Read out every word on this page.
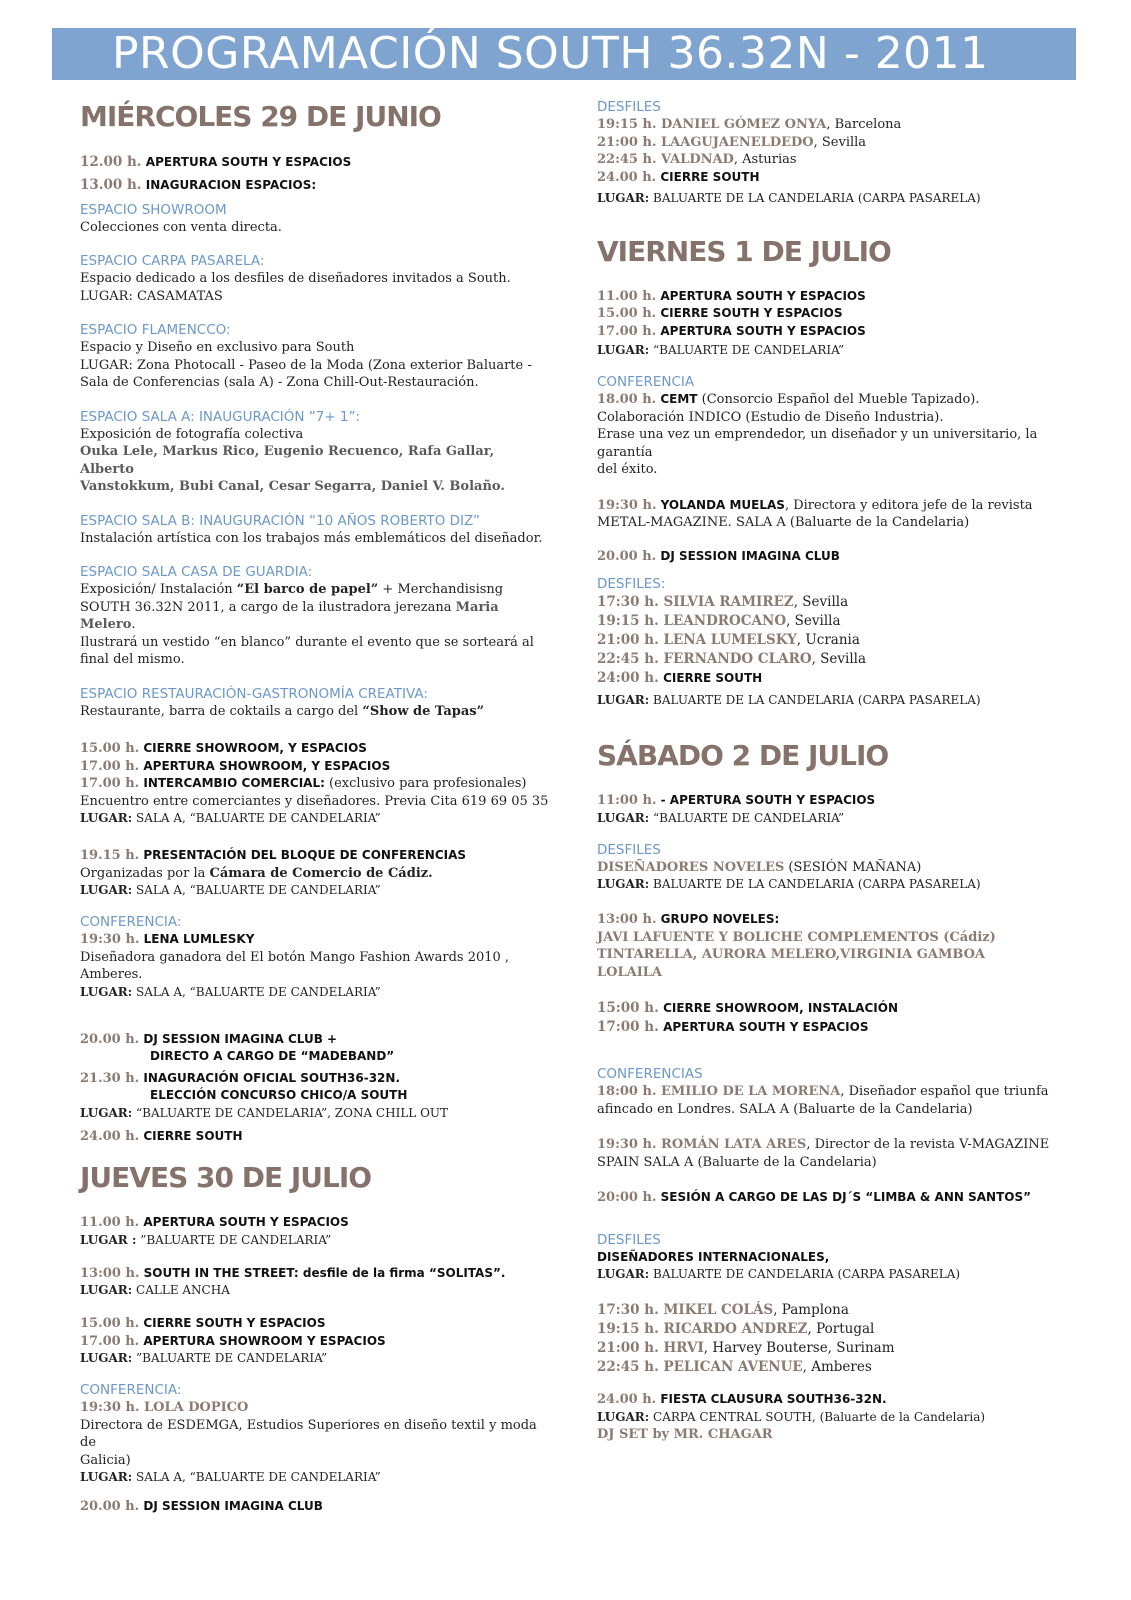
PROGRAMACIÓN SOUTH 36.32N - 2011
MIÉRCOLES 29 DE JUNIO
12.00 h. APERTURA SOUTH Y ESPACIOS
13.00 h. INAGURACION ESPACIOS:
ESPACIO SHOWROOM
Colecciones con venta directa.
ESPACIO CARPA PASARELA:
Espacio dedicado a los desfiles de diseñadores invitados a South.
LUGAR: CASAMATAS
ESPACIO FLAMENCCO:
Espacio y Diseño en exclusivo para South
LUGAR: Zona Photocall - Paseo de la Moda (Zona exterior Baluarte -
Sala de Conferencias (sala A) - Zona Chill-Out-Restauración.
ESPACIO SALA A: INAUGURACIÓN ”7+ 1”:
Exposición de fotografía colectiva
Ouka Lele, Markus Rico, Eugenio Recuenco, Rafa Gallar, Alberto
Vanstokkum, Bubi Canal, Cesar Segarra, Daniel V. Bolaño.
ESPACIO SALA B: INAUGURACIÓN “10 AÑOS ROBERTO DIZ”
Instalación artística con los trabajos más emblemáticos del diseñador.
ESPACIO SALA CASA DE GUARDIA:
Exposición/ Instalación “El barco de papel” + Merchandisisng
SOUTH 36.32N 2011, a cargo de la ilustradora jerezana Maria Melero.
Ilustrará un vestido “en blanco” durante el evento que se sorteará al
final del mismo.
ESPACIO RESTAURACIÓN-GASTRONOMÍA CREATIVA:
Restaurante, barra de coktails a cargo del “Show de Tapas”
15.00 h. CIERRE SHOWROOM, Y ESPACIOS
17.00 h. APERTURA SHOWROOM, Y ESPACIOS
17.00 h. INTERCAMBIO COMERCIAL: (exclusivo para profesionales)
Encuentro entre comerciantes y diseñadores. Previa Cita 619 69 05 35
LUGAR: SALA A, “BALUARTE DE CANDELARIA”
19.15 h. PRESENTACIÓN DEL BLOQUE DE CONFERENCIAS
Organizadas por la Cámara de Comercio de Cádiz.
LUGAR: SALA A, “BALUARTE DE CANDELARIA”
CONFERENCIA:
19:30 h. LENA LUMLESKY
Diseñadora ganadora del El botón Mango Fashion Awards 2010 ,
Amberes.
LUGAR: SALA A, “BALUARTE DE CANDELARIA”
20.00 h. DJ SESSION IMAGINA CLUB +
DIRECTO A CARGO DE “MADEBAND”
21.30 h. INAGURACIÓN OFICIAL SOUTH36-32N.
ELECCIÓN CONCURSO CHICO/A SOUTH
LUGAR: “BALUARTE DE CANDELARIA”, ZONA CHILL OUT
24.00 h. CIERRE SOUTH
JUEVES 30 DE JULIO
11.00 h. APERTURA SOUTH Y ESPACIOS
LUGAR : ”BALUARTE DE CANDELARIA”
13:00 h. SOUTH IN THE STREET: desfile de la firma “SOLITAS”.
LUGAR: CALLE ANCHA
15.00 h. CIERRE SOUTH Y ESPACIOS
17.00 h. APERTURA SHOWROOM Y ESPACIOS
LUGAR: ”BALUARTE DE CANDELARIA”
CONFERENCIA:
19:30 h. LOLA DOPICO
Directora de ESDEMGA, Estudios Superiores en diseño textil y moda de
Galicia)
LUGAR: SALA A, “BALUARTE DE CANDELARIA”
20.00 h. DJ SESSION IMAGINA CLUB
DESFILES
19:15 h. DANIEL GÓMEZ ONYA, Barcelona
21:00 h. LAAGUJAENELDEDO, Sevilla
22:45 h. VALDNAD, Asturias
24.00 h. CIERRE SOUTH
LUGAR: BALUARTE DE LA CANDELARIA (CARPA PASARELA)
VIERNES 1 DE JULIO
11.00 h. APERTURA SOUTH Y ESPACIOS
15.00 h. CIERRE SOUTH Y ESPACIOS
17.00 h. APERTURA SOUTH Y ESPACIOS
LUGAR: “BALUARTE DE CANDELARIA”
CONFERENCIA
18.00 h. CEMT (Consorcio Español del Mueble Tapizado).
Colaboración INDICO (Estudio de Diseño Industria).
Erase una vez un emprendedor, un diseñador y un universitario, la garantía
del éxito.
19:30 h. YOLANDA MUELAS, Directora y editora jefe de la revista
METAL-MAGAZINE. SALA A (Baluarte de la Candelaria)
20.00 h. DJ SESSION IMAGINA CLUB
DESFILES:
17:30 h. SILVIA RAMIREZ, Sevilla
19:15 h. LEANDROCANO, Sevilla
21:00 h. LENA LUMELSKY, Ucrania
22:45 h. FERNANDO CLARO, Sevilla
24:00 h. CIERRE SOUTH
LUGAR: BALUARTE DE LA CANDELARIA (CARPA PASARELA)
SÁBADO 2 DE JULIO
11:00 h. - APERTURA SOUTH Y ESPACIOS
LUGAR: “BALUARTE DE CANDELARIA”
DESFILES
DISEÑADORES NOVELES (SESIÓN MAÑANA)
LUGAR: BALUARTE DE LA CANDELARIA (CARPA PASARELA)
13:00 h. GRUPO NOVELES:
JAVI LAFUENTE Y BOLICHE COMPLEMENTOS (Cádiz)
TINTARELLA, AURORA MELERO,VIRGINIA GAMBOA
LOLAILA
15:00 h. CIERRE SHOWROOM, INSTALACIÓN
17:00 h. APERTURA SOUTH Y ESPACIOS
CONFERENCIAS
18:00 h. EMILIO DE LA MORENA, Diseñador español que triunfa
afincado en Londres. SALA A (Baluarte de la Candelaria)
19:30 h. ROMÁN LATA ARES, Director de la revista V-MAGAZINE
SPAIN SALA A (Baluarte de la Candelaria)
20:00 h. SESIÓN A CARGO DE LAS DJ´S “LIMBA & ANN SANTOS”
DESFILES
DISEÑADORES INTERNACIONALES,
LUGAR: BALUARTE DE CANDELARIA (CARPA PASARELA)
17:30 h. MIKEL COLÁS, Pamplona
19:15 h. RICARDO ANDREZ, Portugal
21:00 h. HRVI, Harvey Bouterse, Surinam
22:45 h. PELICAN AVENUE, Amberes
24.00 h. FIESTA CLAUSURA SOUTH36-32N.
LUGAR: CARPA CENTRAL SOUTH, (Baluarte de la Candelaria)
DJ SET by MR. CHAGAR
